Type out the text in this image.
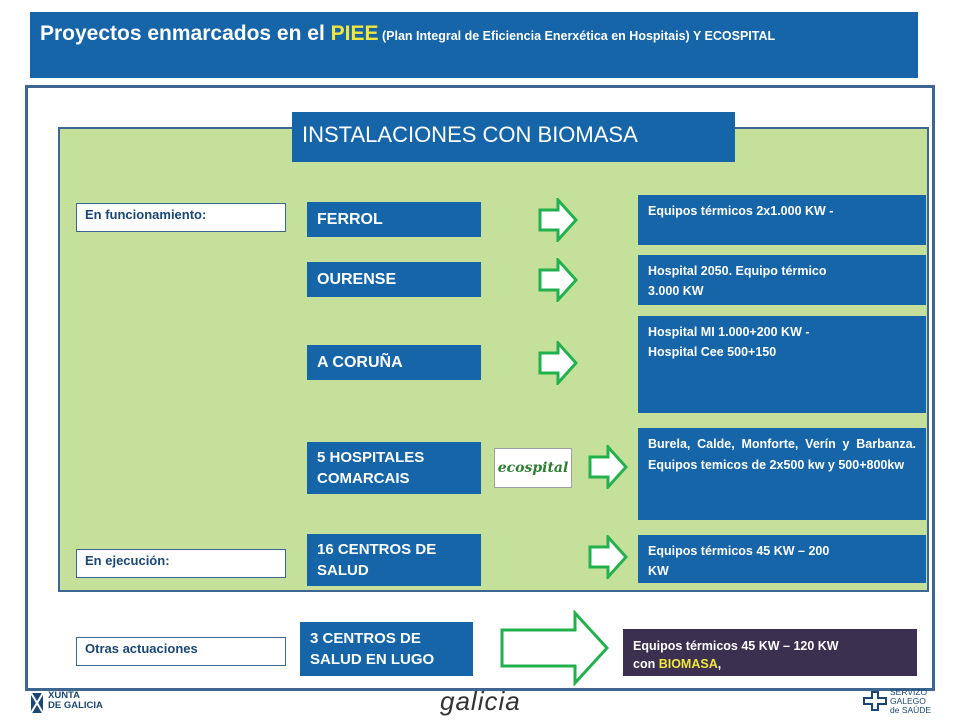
Proyectos enmarcados en el PIEE (Plan Integral de Eficiencia Enerxética en Hospitais) Y ECOSPITAL
INSTALACIONES CON BIOMASA
En funcionamiento:
En ejecución:
Otras actuaciones
FERROL
OURENSE
A CORUÑA
5 HOSPITALES
COMARCAIS
16 CENTROS DE
SALUD
3 CENTROS DE
SALUD EN LUGO
ecospital
Equipos térmicos 2x1.000 KW -
Hospital 2050. Equipo térmico
3.000 KW
Hospital MI 1.000+200 KW -
Hospital Cee 500+150
Burela, Calde, Monforte, Verín y Barbanza. Equipos temicos de 2x500 kw y 500+800kw
Equipos térmicos 45 KW – 200
KW
Equipos térmicos 45 KW – 120 KW
con BIOMASA,
XUNTA
DE GALICIA	galicia	SERVIZO
GALEGO
de SAÚDE
